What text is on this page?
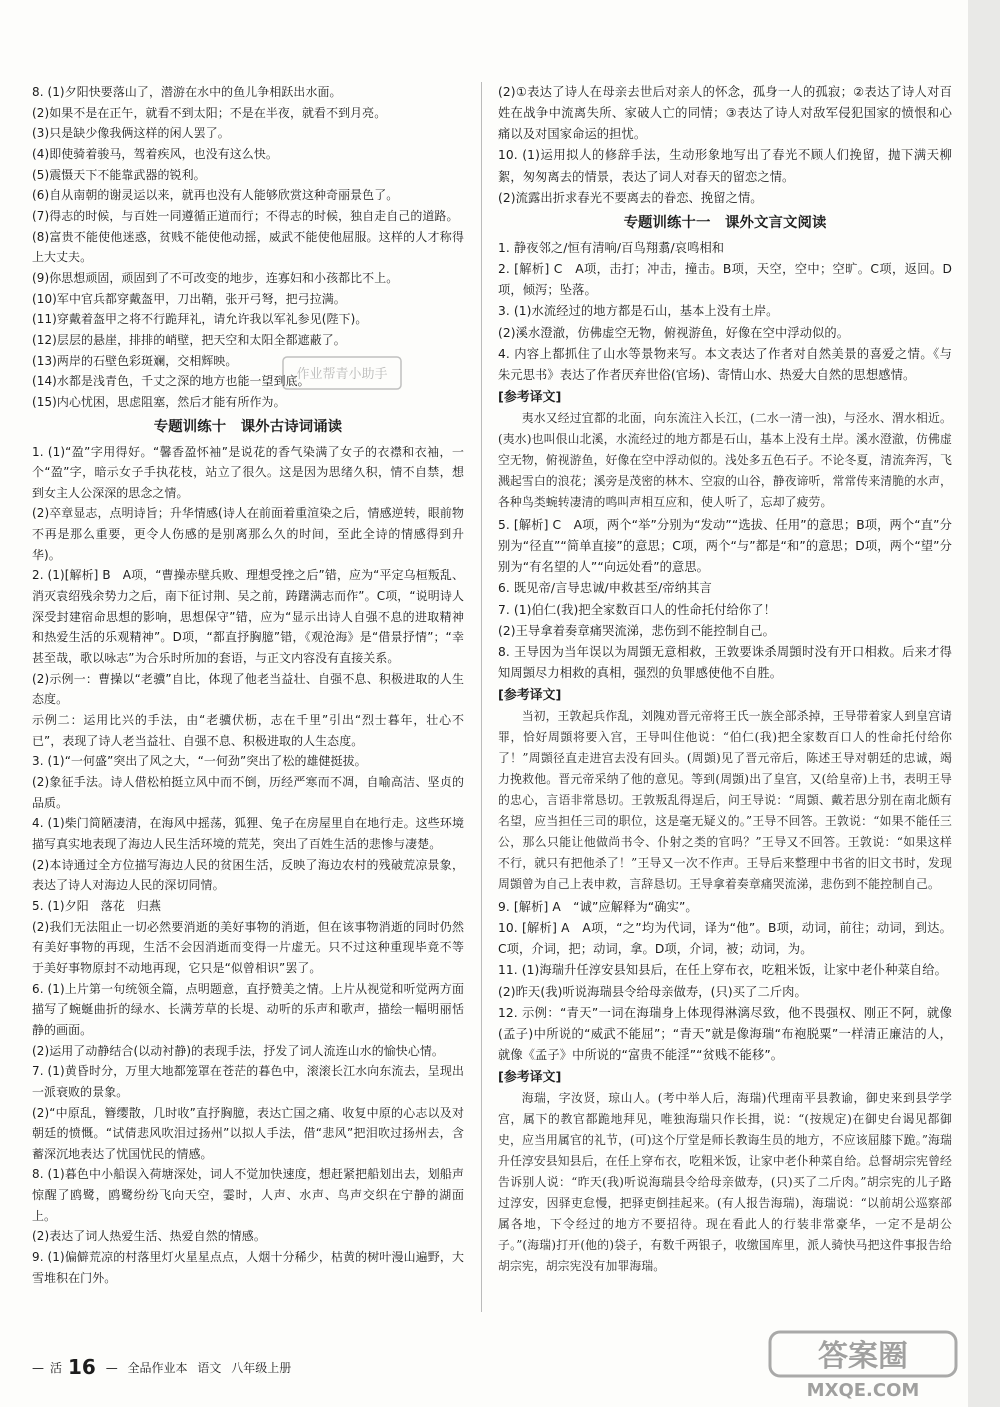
8. (1)夕阳快要落山了，潜游在水中的鱼儿争相跃出水面。

(2)如果不是在正午，就看不到太阳；不是在半夜，就看不到月亮。

(3)只是缺少像我俩这样的闲人罢了。

(4)即使骑着骏马，驾着疾风，也没有这么快。

(5)震慑天下不能靠武器的锐利。

(6)自从南朝的谢灵运以来，就再也没有人能够欣赏这种奇丽景色了。

(7)得志的时候，与百姓一同遵循正道而行；不得志的时候，独自走自己的道路。

(8)富贵不能使他迷惑，贫贱不能使他动摇，威武不能使他屈服。这样的人才称得上大丈夫。

(9)你思想顽固，顽固到了不可改变的地步，连寡妇和小孩都比不上。

(10)军中官兵都穿戴盔甲，刀出鞘，张开弓弩，把弓拉满。

(11)穿戴着盔甲之将不行跪拜礼，请允许我以军礼参见(陛下)。

(12)层层的悬崖，排排的峭壁，把天空和太阳全都遮蔽了。

(13)两岸的石壁色彩斑斓，交相辉映。

(14)水都是浅青色，千丈之深的地方也能一望到底。

(15)内心忧困，思虑阻塞，然后才能有所作为。

专题训练十　课外古诗词诵读

1. (1)“盈”字用得好。“馨香盈怀袖”是说花的香气染满了女子的衣襟和衣袖，一个“盈”字，暗示女子手执花枝，站立了很久。这是因为思绪久积，情不自禁，想到女主人公深深的思念之情。

(2)卒章显志，点明诗旨；升华情感(诗人在前面着重渲染之后，情感逆转，眼前物不再是那么重要，更令人伤感的是别离那么久的时间，至此全诗的情感得到升华)。

2. (1)[解析] B　A项，“曹操赤壁兵败、理想受挫之后”错，应为“平定乌桓叛乱、消灭袁绍残余势力之后，南下征讨荆、吴之前，踌躇满志而作”。C项，“说明诗人深受封建宿命思想的影响，思想保守”错，应为“显示出诗人自强不息的进取精神和热爱生活的乐观精神”。D项，“都直抒胸臆”错，《观沧海》是“借景抒情”；“幸甚至哉，歌以咏志”为合乐时所加的套语，与正文内容没有直接关系。

(2)示例一：曹操以“老骥”自比，体现了他老当益壮、自强不息、积极进取的人生态度。

示例二：运用比兴的手法，由“老骥伏枥，志在千里”引出“烈士暮年，壮心不已”，表现了诗人老当益壮、自强不息、积极进取的人生态度。

3. (1)“一何盛”突出了风之大，“一何劲”突出了松的雄健挺拔。

(2)象征手法。诗人借松柏挺立风中而不倒，历经严寒而不凋，自喻高洁、坚贞的品质。

4. (1)柴门简陋凄清，在海风中摇荡，狐狸、兔子在房屋里自在地行走。这些环境描写真实地表现了海边人民生活环境的荒芜，突出了百姓生活的悲惨与凄楚。

(2)本诗通过全方位描写海边人民的贫困生活，反映了海边农村的残破荒凉景象，表达了诗人对海边人民的深切同情。

5. (1)夕阳　落花　归燕

(2)我们无法阻止一切必然要消逝的美好事物的消逝，但在该事物消逝的同时仍然有美好事物的再现，生活不会因消逝而变得一片虚无。只不过这种重现毕竟不等于美好事物原封不动地再现，它只是“似曾相识”罢了。

6. (1)上片第一句统领全篇，点明题意，直抒赞美之情。上片从视觉和听觉两方面描写了蜿蜒曲折的绿水、长满芳草的长堤、动听的乐声和歌声，描绘一幅明丽恬静的画面。

(2)运用了动静结合(以动衬静)的表现手法，抒发了词人流连山水的愉快心情。

7. (1)黄昏时分，万里大地都笼罩在苍茫的暮色中，滚滚长江水向东流去，呈现出一派衰败的景象。

(2)“中原乱，簪缨散，几时收”直抒胸臆，表达亡国之痛、收复中原的心志以及对朝廷的愤慨。“试倩悲风吹泪过扬州”以拟人手法，借“悲风”把泪吹过扬州去，含蓄深沉地表达了忧国忧民的情感。

8. (1)暮色中小船误入荷塘深处，词人不觉加快速度，想赶紧把船划出去，划船声惊醒了鸥鹭，鸥鹭纷纷飞向天空，霎时，人声、水声、鸟声交织在宁静的湖面上。

(2)表达了词人热爱生活、热爱自然的情感。

9. (1)偏僻荒凉的村落里灯火星星点点，人烟十分稀少，枯黄的树叶漫山遍野，大雪堆积在门外。

(2)①表达了诗人在母亲去世后对亲人的怀念，孤身一人的孤寂；②表达了诗人对百姓在战争中流离失所、家破人亡的同情；③表达了诗人对敌军侵犯国家的愤恨和心痛以及对国家命运的担忧。

10. (1)运用拟人的修辞手法，生动形象地写出了春光不顾人们挽留，抛下满天柳絮，匆匆离去的情景，表达了词人对春天的留恋之情。

(2)流露出折求春光不要离去的眷恋、挽留之情。

专题训练十一　课外文言文阅读

1. 静夜邻之/恒有清响/百鸟翔翥/哀鸣相和

2. [解析] C　A项，击打；冲击，撞击。B项，天空，空中；空旷。C项，返回。D项，倾泻；坠落。

3. (1)水流经过的地方都是石山，基本上没有土岸。

(2)溪水澄澈，仿佛虚空无物，俯视游鱼，好像在空中浮动似的。

4. 内容上都抓住了山水等景物来写。本文表达了作者对自然美景的喜爱之情。《与朱元思书》表达了作者厌弃世俗(官场)、寄情山水、热爱大自然的思想感情。

[参考译文]

夷水又经过宜都的北面，向东流注入长江，(二水一清一浊)，与泾水、渭水相近。(夷水)也叫佷山北溪，水流经过的地方都是石山，基本上没有土岸。溪水澄澈，仿佛虚空无物，俯视游鱼，好像在空中浮动似的。浅处多五色石子。不论冬夏，清流奔泻，飞溅起雪白的浪花；溪旁是茂密的林木、空寂的山谷，静夜谛听，常常传来清脆的水声，各种鸟类蜿转凄清的鸣叫声相互应和，使人听了，忘却了疲劳。

5. [解析] C　A项，两个“举”分别为“发动”“选拔、任用”的意思；B项，两个“直”分别为“径直”“简单直接”的意思；C项，两个“与”都是“和”的意思；D项，两个“望”分别为“有名望的人”“向远处看”的意思。

6. 既见帝/言导忠诚/申救甚至/帝纳其言

7. (1)伯仁(我)把全家数百口人的性命托付给你了！

(2)王导拿着奏章痛哭流涕，悲伤到不能控制自己。

8. 王导因为当年误以为周顗无意相救，王敦要诛杀周顗时没有开口相救。后来才得知周顗尽力相救的真相，强烈的负罪感使他不自胜。

[参考译文]

当初，王敦起兵作乱，刘隗劝晋元帝将王氏一族全部杀掉，王导带着家人到皇宫请罪，恰好周顗将要入宫，王导叫住他说：“伯仁(我)把全家数百口人的性命托付给你了！”周顗径直走进宫去没有回头。(周顗)见了晋元帝后，陈述王导对朝廷的忠诚，竭力挽救他。晋元帝采纳了他的意见。等到(周顗)出了皇宫，又(给皇帝)上书，表明王导的忠心，言语非常恳切。王敦叛乱得逞后，问王导说：“周顗、戴若思分别在南北颇有名望，应当担任三司的职位，这是毫无疑义的。”王导不回答。王敦说：“如果不能任三公，那么只能让他做尚书令、仆射之类的官吗？”王导又不回答。王敦说：“如果这样不行，就只有把他杀了！”王导又一次不作声。王导后来整理中书省的旧文书时，发现周顗曾为自己上表申救，言辞恳切。王导拿着奏章痛哭流涕，悲伤到不能控制自己。

9. [解析] A　“诚”应解释为“确实”。

10. [解析] A　A项，“之”均为代词，译为“他”。B项，动词，前往；动词，到达。C项，介词，把；动词，拿。D项，介词，被；动词，为。

11. (1)海瑞升任淳安县知县后，在任上穿布衣，吃粗米饭，让家中老仆种菜自给。

(2)昨天(我)听说海瑞县令给母亲做寿，(只)买了二斤肉。

12. 示例：“青天”一词在海瑞身上体现得淋漓尽致，他不畏强权、刚正不阿，就像(孟子)中所说的“威武不能屈”；“青天”就是像海瑞“布袍脱粟”一样清正廉洁的人，就像《孟子》中所说的“富贵不能淫”“贫贱不能移”。

[参考译文]

海瑞，字汝贤，琼山人。(考中举人后，海瑞)代理南平县教谕，御史来到县学学宫，属下的教官都跪地拜见，唯独海瑞只作长揖，说：“(按规定)在御史台谒见都御史，应当用属官的礼节，(可)这个厅堂是师长教诲生员的地方，不应该屈膝下跪。”海瑞升任淳安县知县后，在任上穿布衣，吃粗米饭，让家中老仆种菜自给。总督胡宗宪曾经告诉别人说：“昨天(我)听说海瑞县令给母亲做寿，(只)买了二斤肉。”胡宗宪的儿子路过淳安，因驿吏怠慢，把驿吏倒挂起来。(有人报告海瑞)，海瑞说：“以前胡公巡察部属各地，下令经过的地方不要招待。现在看此人的行装非常豪华，一定不是胡公子。”(海瑞)打开(他的)袋子，有数千两银子，收缴国库里，派人骑快马把这件事报告给胡宗宪，胡宗宪没有加罪海瑞。

— 活 16 — 全品作业本 语文 八年级上册	答案圈
MXQE.COM
作业帮青小助手
